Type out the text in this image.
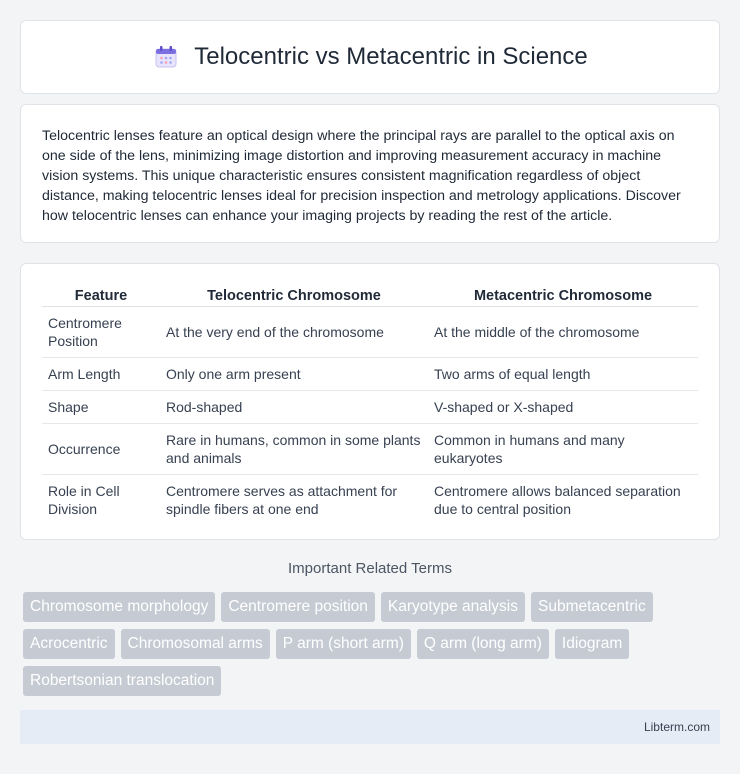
Telocentric vs Metacentric in Science

Telocentric lenses feature an optical design where the principal rays are parallel to the optical axis on one side of the lens, minimizing image distortion and improving measurement accuracy in machine vision systems. This unique characteristic ensures consistent magnification regardless of object distance, making telocentric lenses ideal for precision inspection and metrology applications. Discover how telocentric lenses can enhance your imaging projects by reading the rest of the article.

Feature	Telocentric Chromosome	Metacentric Chromosome
Centromere Position	At the very end of the chromosome	At the middle of the chromosome
Arm Length	Only one arm present	Two arms of equal length
Shape	Rod-shaped	V-shaped or X-shaped
Occurrence	Rare in humans, common in some plants and animals	Common in humans and many eukaryotes
Role in Cell Division	Centromere serves as attachment for spindle fibers at one end	Centromere allows balanced separation due to central position
Important Related Terms
Chromosome morphology	Centromere position	Karyotype analysis	Submetacentric
Acrocentric	Chromosomal arms	P arm (short arm)	Q arm (long arm)	Idiogram
Robertsonian translocation
Libterm.com
